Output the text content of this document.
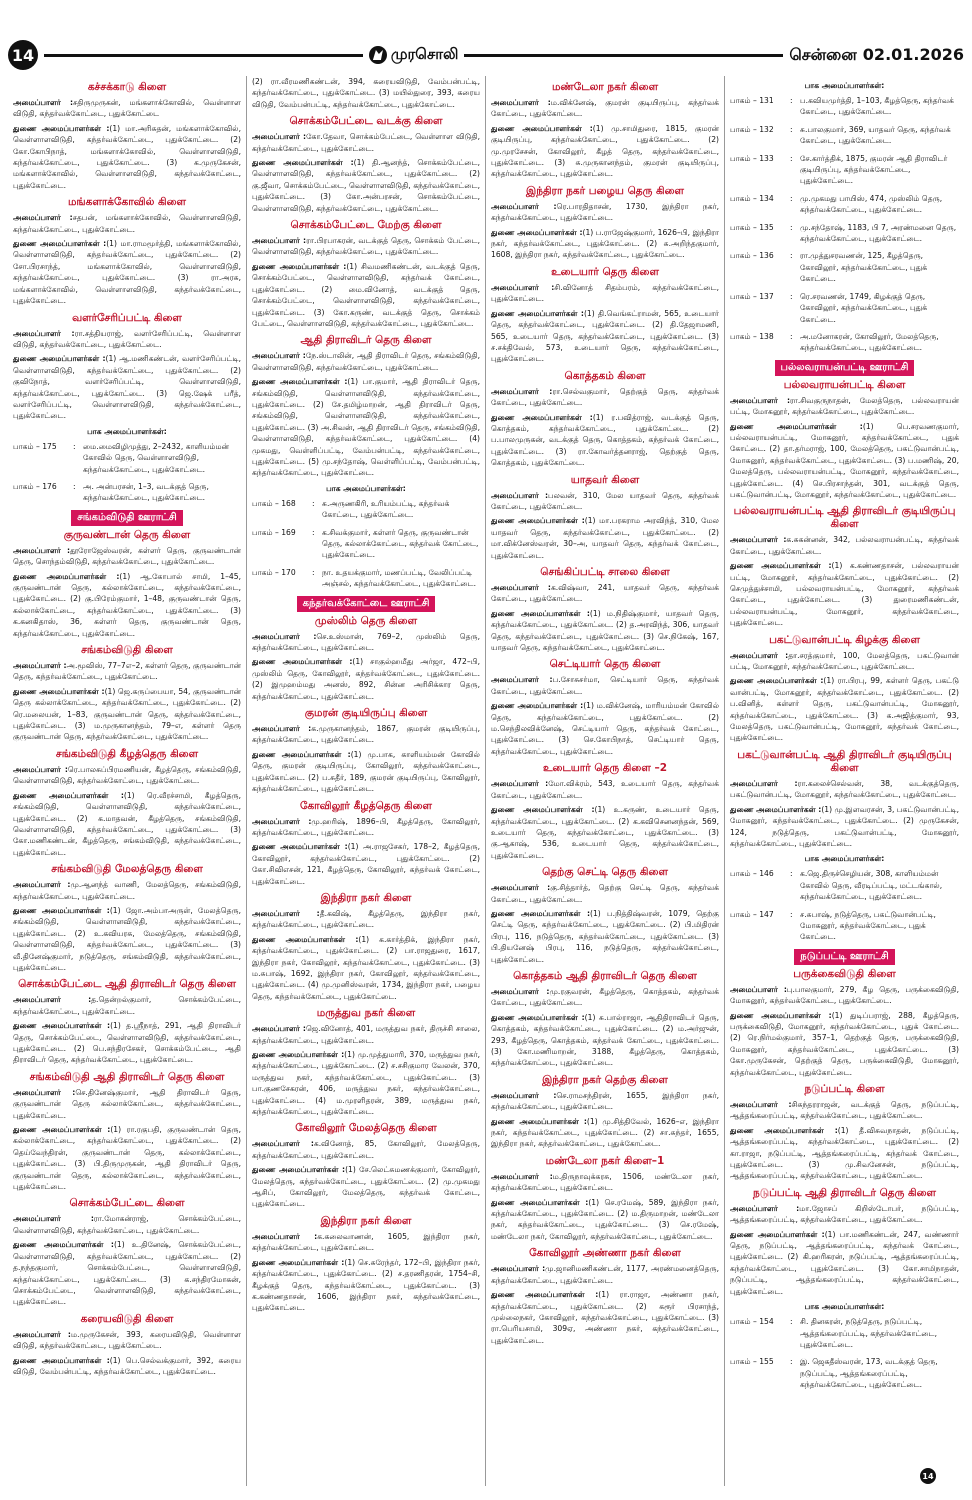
14	முரசொலி	சென்னை 02.01.2026
கச்சக்காடு கிளை

அமைப்பாளர் :சதிருமுருகன், மங்களாக்கோவில், வெள்ளாள விடுதி, கந்தர்வக்கோட்டை, புதுக்கோட்டை

துணை அமைப்பாளர்கள் :(1) மா.அரிசுதன், மங்களாக்கோவில், வெள்ளாளவிடுதி, கந்தர்வக்கோட்டை, புதுக்கோட்டை. (2) கோ.கோபிநாத், மங்களாக்கோவில், வெள்ளாளவிடுதி, கந்தர்வக்கோட்டை, புதுக்கோட்டை. (3) க.முருகேசன், மங்களாக்கோவில், வெள்ளாளவிடுதி, கந்தர்வக்கோட்டை, புதுக்கோட்டை.

மங்களாக்கோவில் கிளை

அமைப்பாளர் :சதபன், மங்களாக்கோவில், வெள்ளாளவிடுதி, கந்தர்வக்கோட்டை, புதுக்கோட்டை.

துணை அமைப்பாளர்கள் :(1) மா.ராமமூர்த்தி, மங்களாக்கோவில், வெள்ளாளவிடுதி, கந்தர்வக்கோட்டை, புதுக்கோட்டை. (2) சோ.பிரசாந்த், மங்களாக்கோவில், வெள்ளாளவிடுதி, கந்தர்வக்கோட்டை, புதுக்கோட்டை. (3) ரா.அரசு, மங்களாக்கோவில், வெள்ளாளவிடுதி, கந்தர்வக்கோட்டை, புதுக்கோட்டை.

வளர்சேரிப்பட்டி கிளை

அமைப்பாளர் :ரா.சத்தியராஜ், வளர்சேரிப்பட்டி, வெள்ளாள விடுதி, கந்தர்வக்கோட்டை, புதுக்கோட்டை.

துணை அமைப்பாளர்கள் :(1) ஆ.மணிகண்டன், வளர்சேரிப்பட்டி, வெள்ளாளவிடுதி, கந்தர்வக்கோட்டை, புதுக்கோட்டை. (2) குவிநோத், வளர்சேரிப்பட்டி, வெள்ளாளவிடுதி, கந்தர்வக்கோட்டை, புதுக்கோட்டை. (3) ஜெ.ஷேக் பரீத், வளர்சேரிப்பட்டி, வெள்ளாளவிடுதி, கந்தர்வக்கோட்டை, புதுக்கோட்டை.

பாக அமைப்பாளர்கள்:
பாகம் – 175	: மை.மைவிழிமுத்து, 2–2432, காளியம்மன் கோவில் தெரு, வெள்ளாளவிடுதி, கந்தர்வக்கோட்டை, புதுக்கோட்டை.
பாகம் – 176	: அ. அன்பரசன், 1–3, வடக்குத் தெரு, கந்தர்வக்கோட்டை, புதுக்கோட்டை.
சங்கம்விடுதி ஊராட்சி
குருவண்டான் தெரு கிளை

அமைப்பாளர் :தூரோஜேஸ்வரன், கள்ளர் தெரு, குருவண்டான் தெரு, சொந்தம்விடுதி, கந்தர்வக்கோட்டை, புதுக்கோட்டை.

துணை அமைப்பாளர்கள் :(1) ஆ.கோபால் சாமி, 1–45, குருவண்டான் தெரு, கல்லாக்கோட்டை, கந்தர்வக்கோட்டை, புதுக்கோட்டை. (2) கு.பிரேம்குமார், 1–48, குருவண்டான் தெரு, கல்லாக்கோட்டை, கந்தர்வக்கோட்டை, புதுக்கோட்டை. (3) க.கனகிதாஸ், 36, கள்ளர் தெரு, குருவண்டான் தெரு, கந்தர்வக்கோட்டை, புதுக்கோட்டை.

சங்கம்விடுதி கிளை

அமைப்பாளர் :அ.மூவிஸ், 77–7எ–2, கள்ளர் தெரு, குருவண்டான் தெரு, கந்தர்வக்கோட்டை, புதுக்கோட்டை.

துணை அமைப்பாளர்கள் :(1) ஜெ.கருப்பையா, 54, குருவண்டான் தெரு கல்லாக்கோட்டை, கந்தர்வக்கோட்டை, புதுக்கோட்டை. (2) ரெ.மலையன், 1–83, குருவண்டான் தெரு, கந்தர்வக்கோட்டை, புதுக்கோட்டை. (3) ம.முருகானந்தம், 79–எ, கள்ளர் தெரு குருவண்டான் தெரு, கந்தர்வக்கோட்டை, புதுக்கோட்டை.

சங்கம்விடுதி கீழத்தெரு கிளை

அமைப்பாளர் :ரெ.பாலசுப்பிரமணியன், கீழத்தெரு, சங்கம்விடுதி, வெள்ளாளவிடுதி, கந்தர்வக்கோட்டை, புதுக்கோட்டை.

துணை அமைப்பாளர்கள் :(1) ரெ.வீரச்சாமி, கீழத்தெரு, சங்கம்விடுதி, வெள்ளாளவிடுதி, கந்தர்வக்கோட்டை, புதுக்கோட்டை. (2) க.மாதவன், கீழத்தெரு, சங்கம்விடுதி, வெள்ளாளவிடுதி, கந்தர்வக்கோட்டை, புதுக்கோட்டை. (3) கோ.மணிகண்டன், கீழத்தெரு, சங்கம்விடுதி, கந்தர்வக்கோட்டை, புதுக்கோட்டை.

சங்கம்விடுதி மேலத்தெரு கிளை

அமைப்பாளர் :மு.ஆனந்த் வாணி, மேலத்தெரு, சங்கம்விடுதி, கந்தர்வக்கோட்டை, புதுக்கோட்டை.

துணை அமைப்பாளர்கள் :(1) ஜோ.அம்பாஅருள், மேலத்தெரு, சங்கம்விடுதி, வெள்ளாளவிடுதி, கந்தர்வக்கோட்டை, புதுக்கோட்டை. (2) உ.கவியரசு, மேலத்தெரு, சங்கம்விடுதி, வெள்ளாளவிடுதி, கந்தர்வக்கோட்டை, புதுக்கோட்டை. (3) வீ.தினேஷ்குமார், நடுத்தெரு, சங்கம்விடுதி, கந்தர்வக்கோட்டை, புதுக்கோட்டை.

சொக்கம்பேட்டை ஆதி திராவிடர் தெரு கிளை

அமைப்பாளர் :த.தென்றல்குமார், சொக்கம்பேட்டை, கந்தர்வக்கோட்டை, புதுக்கோட்டை.

துணை அமைப்பாளர்கள் :(1) த.ஸ்ரீநாத், 291, ஆதி திராவிடர் தெரு, சொக்கம்பேட்டை, வெள்ளாளவிடுதி, கந்தர்வக்கோட்டை, புதுக்கோட்டை. (2) பெ.சந்திரசேகர், சொக்கம்பேட்டை, ஆதி திராவிடர் தெரு, கந்தர்வக்கோட்டை, புதுக்கோட்டை.

சங்கம்விடுதி ஆதி திராவிடர் தெரு கிளை

அமைப்பாளர் :செ.தினேஷ்குமார், ஆதி திராவிடர் தெரு, குருவண்டான் தெரு கல்லாக்கோட்டை, கந்தர்வக்கோட்டை, புதுக்கோட்டை.

துணை அமைப்பாளர்கள் :(1) ரா.ரகுபதி, குருவண்டான் தெரு, கல்லாக்கோட்டை, கந்தர்வக்கோட்டை, புதுக்கோட்டை. (2) தெய்வேந்திரன், குருவண்டான் தெரு, கல்லாக்கோட்டை, புதுக்கோட்டை. (3) பி.திருமுருகன், ஆதி திராவிடர் தெரு, குருவண்டான் தெரு, கல்லாக்கோட்டை, கந்தர்வக்கோட்டை, புதுக்கோட்டை.

சொக்கம்பேட்டை கிளை

அமைப்பாளர் :ரா.மோகன்ராஜ், சொக்கம்பேட்டை, வெள்ளாளவிடுதி, கந்தர்வக்கோட்டை, புதுக்கோட்டை.

துணை அமைப்பாளர்கள் :(1) உ.தினேஷ், சொக்கம்பேட்டை, வெள்ளாளவிடுதி, கந்தர்வக்கோட்டை, புதுக்கோட்டை. (2) த.நந்தகுமார், சொக்கம்பேட்டை, வெள்ளாளவிடுதி, கந்தர்வக்கோட்டை, புதுக்கோட்டை. (3) க.சந்திரமோகன், சொக்கம்பேட்டை, வெள்ளாளவிடுதி, கந்தர்வக்கோட்டை, புதுக்கோட்டை.

கரையவிடுதி கிளை

அமைப்பாளர் :ம.முருகேசன், 393, கரையவிடுதி, வெள்ளாள விடுதி, கந்தர்வக்கோட்டை, புதுக்கோட்டை.

துணை அமைப்பாளர்கள் :(1) பெ.செல்வக்குமார், 392, கரைய விடுதி, வேம்பன்பட்டி, கந்தர்வக்கோட்டை, புதுக்கோட்டை.

(2) ரா.வீரமணிகண்டன், 394, கரையவிடுதி, வேம்பன்பட்டி, கந்தர்வக்கோட்டை, புதுக்கோட்டை. (3) மயில்துரை, 393, கரைய விடுதி, வேம்பன்பட்டி, கந்தர்வக்கோட்டை, புதுக்கோட்டை.

சொக்கம்பேட்டை வடக்கு கிளை

அமைப்பாளர் :கோ.தேவா, சொக்கம்பேட்டை, வெள்ளாள விடுதி, கந்தர்வக்கோட்டை, புதுக்கோட்டை.

துணை அமைப்பாளர்கள் :(1) தி.ஆனந்த், சொக்கம்பேட்டை, வெள்ளாளவிடுதி, கந்தர்வக்கோட்டை, புதுக்கோட்டை. (2) கு.ஜீவா, சொக்கம்பேட்டை, வெள்ளாளவிடுதி, கந்தர்வக்கோட்டை, புதுக்கோட்டை. (3) கோ.அன்பரசன், சொக்கம்பேட்டை, வெள்ளாளவிடுதி, கந்தர்வக்கோட்டை, புதுக்கோட்டை.

சொக்கம்பேட்டை மேற்கு கிளை

அமைப்பாளர் :ரா.பிரபாகரன், வடக்குத் தெரு, சொக்கம் பேட்டை, வெள்ளாளவிடுதி, கந்தர்வக்கோட்டை, புதுக்கோட்டை.

துணை அமைப்பாளர்கள் :(1) சிவமணிகண்டன், வடக்குத் தெரு, சொக்கம்பேட்டை, வெள்ளாளவிடுதி, கந்தர்வக் கோட்டை, புதுக்கோட்டை. (2) மை.வினோத், வடக்குத் தெரு, சொக்கம்பேட்டை, வெள்ளாளவிடுதி, கந்தர்வக்கோட்டை, புதுக்கோட்டை. (3) கோ.கருண், வடக்குத் தெரு, சொக்கம் பேட்டை, வெள்ளாளவிடுதி, கந்தர்வக்கோட்டை, புதுக்கோட்டை.

ஆதி திராவிடர் தெரு கிளை

அமைப்பாளர் :நே.ஸ்டாலின், ஆதி திராவிடர் தெரு, சங்கம்விடுதி, வெள்ளாளவிடுதி, கந்தர்வக்கோட்டை, புதுக்கோட்டை.

துணை அமைப்பாளர்கள் :(1) பா.குமார், ஆதி திராவிடர் தெரு, சங்கம்விடுதி, வெள்ளாளவிடுதி, கந்தர்வக்கோட்டை, புதுக்கோட்டை. (2) சே.தமிழ்மாறன், ஆதி திராவிடர் தெரு, சங்கம்விடுதி, வெள்ளாளவிடுதி, கந்தர்வக்கோட்டை, புதுக்கோட்டை. (3) அ.சிவன், ஆதி திராவிடர் தெரு, சங்கம்விடுதி, வெள்ளாளவிடுதி, கந்தர்வக்கோட்டை, புதுக்கோட்டை. (4) முகமது, வெள்ளிப்பட்டி, வேம்பன்பட்டி, கந்தர்வக்கோட்டை, புதுக்கோட்டை. (5) மு.சந்தோஷ், வெள்ளிப்பட்டி, வேம்பன்பட்டி, கந்தர்வக்கோட்டை, புதுக்கோட்டை.

பாக அமைப்பாளர்கள்:
பாகம் – 168	: சு.அருணகிரி, உரியம்பட்டி, கந்தர்வக் கோட்டை, புதுக்கோட்டை.
பாகம் – 169	: க.சிவக்குமார், கள்ளர் தெரு, குருவண்டான் தெரு, கல்லாக்கோட்டை, கந்தர்வக் கோட்டை, புதுக்கோட்டை.
பாகம் – 170	: நா. உதயக்குமார், மணப்பட்டி, வேலிப்பட்டி அஞ்சல், கந்தர்வக்கோட்டை, புதுக்கோட்டை.
கந்தர்வக்கோட்டை ஊராட்சி
முஸ்லிம் தெரு கிளை

அமைப்பாளர் :செ.உஸ்மான், 769–2, முஸ்லிம் தெரு, கந்தர்வக்கோட்டை, புதுக்கோட்டை.

துணை அமைப்பாளர்கள் :(1) சாகுல்ஹமீது அர்ஜா, 472–பி, முஸ்லிம் தெரு, கோவிலூர், கந்தர்வக்கோட்டை, புதுக்கோட்டை. (2) இமுஹம்மது அனஸ், 892, சின்ன அரிசிக்கார தெரு, கந்தர்வக்கோட்டை, புதுக்கோட்டை.

குமரன் குடியிருப்பு கிளை

அமைப்பாளர் :க.முருகானந்தம், 1867, குமரன் குடியிருப்பு, கந்தர்வக்கோட்டை, புதுக்கோட்டை.

துணை அமைப்பாளர்கள் :(1) மு.பாக, காளியம்மன் கோவில் தெரு, குமரன் குடியிருப்பு, கோவிலூர், கந்தர்வக்கோட்டை, புதுக்கோட்டை. (2) ப.சுதீர், 189, குமரன் குடியிருப்பு, கோவிலூர், கந்தர்வக்கோட்டை, புதுக்கோட்டை.

கோவிலூர் கீழத்தெரு கிளை

அமைப்பாளர் :மு.ஹரிஷ், 1896–பி, கீழத்தெரு, கோவிலூர், கந்தர்வக்கோட்டை, புதுக்கோட்டை.

துணை அமைப்பாளர்கள் :(1) அ.ராஜசேகர், 178–2, கீழத்தெரு, கோவிலூர், கந்தர்வக்கோட்டை, புதுக்கோட்டை. (2) கோ.சிவிஎசன், 121, கீழத்தெரு, கோவிலூர், கந்தர்வக் கோட்டை, புதுக்கோட்டை.

இந்திரா நகர் கிளை

அமைப்பாளர் :தீ.கவிஷ், கீழத்தெரு, இந்திரா நகர், கந்தர்வக்கோட்டை, புதுக்கோட்டை.

துணை அமைப்பாளர்கள் :(1) க.கார்த்திக், இந்திரா நகர், கந்தர்வக்கோட்டை, புதுக்கோட்டை. (2) பா.ராஜதுரை, 1617, இந்திரா நகர், கோவிலூர், கந்தர்வக்கோட்டை, புதுக்கோட்டை. (3) ம.சுபாஷ், 1692, இந்திரா நகர், கோவிலூர், கந்தர்வக்கோட்டை, புதுக்கோட்டை. (4) மு.முனிஸ்வரன், 1734, இந்திரா நகர், பழைய தெரு, கந்தர்வக்கோட்டை, புதுக்கோட்டை.

மருத்துவ நகர் கிளை

அமைப்பாளர் :ஜெ.வினோத், 401, மருத்துவ நகர், திருச்சி சாலை, கந்தர்வக்கோட்டை, புதுக்கோட்டை.

துணை அமைப்பாளர்கள் :(1) மு.முத்துமாரி, 370, மருத்துவ நகர், கந்தர்வக்கோட்டை, புதுக்கோட்டை. (2) ச.சசிகுமார வேலன், 370, மருத்துவ நகர், கந்தர்வக்கோட்டை, புதுக்கோட்டை. (3) பா.குணசேகரன், 406, மருத்துவ நகர், கந்தர்வக்கோட்டை, புதுக்கோட்டை. (4) ம.முரளிதரன், 389, மருத்துவ நகர், கந்தர்வக்கோட்டை, புதுக்கோட்டை.

கோவிலூர் மேலத்தெரு கிளை

அமைப்பாளர் :க.வினோத், 85, கோவிலூர், மேலத்தெரு, கந்தர்வக்கோட்டை, புதுக்கோட்டை.

துணை அமைப்பாளர்கள் :(1) சே.லெட்சுமணக்குமார், கோவிலூர், மேலத்தெரு, கந்தர்வக்கோட்டை, புதுக்கோட்டை. (2) மு.முகமது ஆசிப், கோவிலூர், மேலத்தெரு, கந்தர்வக் கோட்டை, புதுக்கோட்டை.

இந்திரா நகர் கிளை

அமைப்பாளர் :க.கலைவாணன், 1605, இந்திரா நகர், கந்தர்வக்கோட்டை, புதுக்கோட்டை.

துணை அமைப்பாளர்கள் :(1) செ.சுரேந்தர், 172–பி, இந்திரா நகர், கந்தர்வக்கோட்டை, புதுக்கோட்டை. (2) ச.தரணிதரன், 1754–சி, கீழக்குத் தெரு, கந்தர்வக்கோட்டை, புதுக்கோட்டை. (3) க.கண்ணதாசன், 1606, இந்திரா நகர், கந்தர்வக்கோட்டை, புதுக்கோட்டை.

மண்டேலா நகர் கிளை

அமைப்பாளர் :ம.விக்னேஷ், குமரன் குடியிருப்பு, கந்தர்வக் கோட்டை, புதுக்கோட்டை.

துணை அமைப்பாளர்கள் :(1) மு.சாமிதுரை, 1815, குமரன் குடியிருப்பு, கந்தர்வக்கோட்டை, புதுக்கோட்டை. (2) மு.முரசேசன், கோவிலூர், கீழத் தெரு, கந்தர்வக்கோட்டை, புதுக்கோட்டை. (3) சு.முருகானந்தம், குமரன் குடியிருப்பு, கந்தர்வக்கோட்டை, புதுக்கோட்டை.

இந்திரா நகர் பழைய தெரு கிளை

அமைப்பாளர் :ரெ.பாரதிதாசன், 1730, இந்திரா நகர், கந்தர்வக்கோட்டை, புதுக்கோட்டை.

துணை அமைப்பாளர்கள் :(1) ப.ராஜேஷ்குமார், 1626–பி, இந்திரா நகர், கந்தர்வக்கோட்டை, புதுக்கோட்டை. (2) சு.அறிந்தகுமார், 1608, இந்திரா நகர், கந்தர்வக்கோட்டை, புதுக்கோட்டை.

உடையார் தெரு கிளை

அமைப்பாளர் :சி.வினோத் சிதம்பரம், கந்தர்வக்கோட்டை, புதுக்கோட்டை.

துணை அமைப்பாளர்கள் :(1) தி.வெங்கட்ராமன், 565, உடையார் தெரு, கந்தர்வக்கோட்டை, புதுக்கோட்டை. (2) தி.தேஜாமணி, 565, உடையார் தெரு, கந்தர்வக்கோட்டை, புதுக்கோட்டை. (3) ச.சக்திவேல், 573, உடையார் தெரு, கந்தர்வக்கோட்டை, புதுக்கோட்டை.

கொத்தகம் கிளை

அமைப்பாளர் :ரா.செல்வகுமார், தெற்குத் தெரு, கந்தர்வக் கோட்டை, புதுக்கோட்டை.

துணை அமைப்பாளர்கள் :(1) ர.பவித்ராஜ், வடக்குத் தெரு, கொத்தகம், கந்தர்வக்கோட்டை, புதுக்கோட்டை. (2) ப.பாலமுருகன், வடக்குத் தெரு, கொத்தகம், கந்தர்வக் கோட்டை, புதுக்கோட்டை. (3) ரா.கோவர்த்தனராஜ், தெற்குத் தெரு, கொத்தகம், புதுக்கோட்டை.

யாதவர் கிளை

அமைப்பாளர் :பலவன், 310, மேல யாதவர் தெரு, கந்தர்வக் கோட்டை, புதுக்கோட்டை.

துணை அமைப்பாளர்கள் :(1) மா.பரகராம அரவிந்த், 310, மேல யாதவர் தெரு, கந்தர்வக்கோட்டை, புதுக்கோட்டை. (2) மா.விக்னேஸ்வரன், 30–அ, யாதவர் தெரு, கந்தர்வக் கோட்டை, புதுக்கோட்டை.

செங்கிப்பட்டி சாலை கிளை

அமைப்பாளர் :க.விஷ்வா, 241, யாதவர் தெரு, கந்தர்வக் கோட்டை, புதுக்கோட்டை.

துணை அமைப்பாளர்கள் :(1) ம.நிதிஷ்குமார், யாதவர் தெரு, கந்தர்வக்கோட்டை, புதுக்கோட்டை. (2) த.அரவிந்த், 306, யாதவர் தெரு, கந்தர்வக்கோட்டை, புதுக்கோட்டை. (3) செ.நிகேஷ், 167, யாதவர் தெரு, கந்தர்வக்கோட்டை, புதுக்கோட்டை.

செட்டியார் தெரு கிளை

அமைப்பாளர் :ப.சோசுசர்மா, செட்டியார் தெரு, கந்தர்வக் கோட்டை, புதுக்கோட்டை.

துணை அமைப்பாளர்கள் :(1) ம.விக்னேஷ், மாரியம்மன் கோவில் தெரு, கந்தர்வக்கோட்டை, புதுக்கோட்டை. (2) ம.செந்திலவிக்னேஷ், செட்டியார் தெரு, கந்தர்வக் கோட்டை, புதுக்கோட்டை. (3) செ.கோபிநாத், செட்டியார் தெரு, கந்தர்வக்கோட்டை, புதுக்கோட்டை.

உடையார் தெரு கிளை –2

அமைப்பாளர் :மோ.விக்ரம், 543, உடையார் தெரு, கந்தர்வக் கோட்டை, புதுக்கோட்டை.

துணை அமைப்பாளர்கள் :(1) உ.கருண், உடையார் தெரு, கந்தர்வக்கோட்டை, புதுக்கோட்டை. (2) க.கவிசெனனந்தன், 569, உடையார் தெரு, கந்தர்வக்கோட்டை, புதுக்கோட்டை. (3) கு.ஆகாஷ், 536, உடையார் தெரு, கந்தர்வக்கோட்டை, புதுக்கோட்டை.

தெற்கு செட்டி தெரு கிளை

அமைப்பாளர் :கு.சித்தார்த், தெற்கு செட்டி தெரு, கந்தர்வக் கோட்டை, புதுக்கோட்டை.

துணை அமைப்பாளர்கள் :(1) ப.நித்திஷ்வரன், 1079, தெற்கு செட்டி தெரு, கந்தர்வக்கோட்டை, புதுக்கோட்டை. (2) பி.மிதிரன் பிரபு, 116, நடுத்தெரு, கந்தர்வக்கோட்டை, புதுக்கோட்டை. (3) பி.தியனேஷ் பிரபு, 116, நடுத்தெரு, கந்தர்வக்கோட்டை, புதுக்கோட்டை.

கொத்தகம் ஆதி திராவிடர் தெரு கிளை

அமைப்பாளர் :மு.ரகுவரன், கீழத்தெரு, கொத்தகம், கந்தர்வக் கோட்டை, புதுக்கோட்டை.

துணை அமைப்பாளர்கள் :(1) சு.பால்ராஜா, ஆதிதிராவிடர் தெரு, கொத்தகம், கந்தர்வக்கோட்டை, புதுக்கோட்டை. (2) ம.அர்ஜுன், 293, கீழத்தெரு, கொத்தகம், கந்தர்வக் கோட்டை, புதுக்கோட்டை. (3) கோ.மணிமாறன், 3188, கீழத்தெரு, கொத்தகம், கந்தர்வக்கோட்டை, புதுக்கோட்டை.

இந்திரா நகர் தெற்கு கிளை

அமைப்பாளர் :செ.ராமசந்திரன், 1655, இந்திரா நகர், கந்தர்வக்கோட்டை, புதுக்கோட்டை.

துணை அமைப்பாளர்கள் :(1) மு.சித்திவேல், 1626–எ, இந்திரா நகர், கந்தர்வக்கோட்டை, புதுக்கோட்டை. (2) சா.சுந்தர், 1655, இந்திரா நகர், கந்தர்வக்கோட்டை, புதுக்கோட்டை.

மண்டேலா நகர் கிளை–1

அமைப்பாளர் :ம.திருநாவுக்கரசு, 1506, மண்டேலா நகர், கந்தர்வக்கோட்டை, புதுக்கோட்டை.

துணை அமைப்பாளர்கள் :(1) செ.ரமேஷ், 589, இந்திரா நகர், கந்தர்வக்கோட்டை, புதுக்கோட்டை. (2) ம.திருமாறன், மண்டேலா நகர், கந்தர்வக்கோட்டை, புதுக்கோட்டை. (3) செ.ரமேஷ், மண்டேலா நகர், கோவிலூர், கந்தர்வக்கோட்டை, புதுக்கோட்டை.

கோவிலூர் அண்ணா நகர் கிளை

அமைப்பாளர் :மு.ஜானிமணிகண்டன், 1177, அரண்மனைத்தெரு, கந்தர்வக்கோட்டை, புதுக்கோட்டை.

துணை அமைப்பாளர்கள் :(1) ரா.ராஜா, அண்ணா நகர், கந்தர்வக்கோட்டை, புதுக்கோட்டை. (2) கரூர் பிரசாந்த், முல்லைநகர், கோவிலூர், கந்தர்வக்கோட்டை, புதுக்கோட்டை. (3) ரா.பெரியசாமி, 309ஏ, அண்ணா நகர், கந்தர்வக்கோட்டை, புதுக்கோட்டை.

பாக அமைப்பாளர்கள்:
பாகம் – 131	: ப.கவியமுர்த்தி, 1–103, கீழத்தெரு, கந்தர்வக் கோட்டை, புதுக்கோட்டை.
பாகம் – 132	: சு.பாலகுமார், 369, யாதவர் தெரு, கந்தர்வக் கோட்டை, புதுக்கோட்டை.
பாகம் – 133	: சே.கார்த்திக், 1875, குமரன் ஆதி திராவிடர் குடியிருப்பு, கந்தர்வக்கோட்டை, புதுக்கோட்டை.
பாகம் – 134	: மு.முகமது பாயிஸ், 474, முஸ்லிம் தெரு, கந்தர்வக்கோட்டை, புதுக்கோட்டை.
பாகம் – 135	: மு.சந்தோஷ், 1183, பி 7, அரண்மனை தெரு, கந்தர்வக்கோட்டை, புதுக்கோட்டை.
பாகம் – 136	: ரா.முத்துசரவணன், 125, கீழத்தெரு, கோவிலூர், கந்தர்வக்கோட்டை, புதுக் கோட்டை.
பாகம் – 137	: ரெ.சரவணன், 1749, கிழக்குத் தெரு, கோவிலூர், கந்தர்வக்கோட்டை, புதுக் கோட்டை.
பாகம் – 138	: அ.மனோகரன், கோவிலூர், மேலத்தெரு, கந்தர்வக்கோட்டை, புதுக்கோட்டை.
பல்லவராயன்பட்டி ஊராட்சி
பல்லவராயன்பட்டி கிளை

அமைப்பாளர் :ரா.சிவகுருநாதன், மேலத்தெரு, பல்லவராயன் பட்டி, மோகனூர், கந்தர்வக்கோட்டை, புதுக்கோட்டை.

துணை அமைப்பாளர்கள் :(1) பெ.சரவணகுமார், பல்லவராயன்பட்டி, மோகனூர், கந்தர்வக்கோட்டை, புதுக் கோட்டை. (2) தா.தர்மராஜ், 100, மேலத்தெரு, பகட்டுவான்பட்டி, மோகனூர், கந்தர்வக்கோட்டை, புதுக்கோட்டை. (3) ப.மணிஷ், 20, மேலத்தெரு, பல்லவராயன்பட்டி, மோகனூர், கந்தர்வக்கோட்டை, புதுக்கோட்டை. (4) செ.பிரசாந்தன், 301, வடக்குத் தெரு, பகட்டுவான்பட்டி, மோகனூர், கந்தர்வக்கோட்டை, புதுக்கோட்டை.

பல்லவராயன்பட்டி ஆதி திராவிடர் குடியிருப்பு கிளை

அமைப்பாளர் :க.சுகன்னன், 342, பல்லவராயன்பட்டி, கந்தர்வக் கோட்டை, புதுக்கோட்டை.

துணை அமைப்பாளர்கள் :(1) க.கண்ணதாசன், பல்லவராயன் பட்டி, மோகனூர், கந்தர்வக்கோட்டை, புதுக்கோட்டை. (2) செமுத்துச்சாமி, பல்லவராயன்பட்டி, மோகனூர், கந்தர்வக் கோட்டை, புதுக்கோட்டை. (3) துரைமணிகண்டன், பல்லவராயன்பட்டி, மோகனூர், கந்தர்வக்கோட்டை, புதுக்கோட்டை.

பகட்டுவான்பட்டி கிழக்கு கிளை

அமைப்பாளர் :தா.சரத்குமார், 100, மேலத்தெரு, பகட்டுவான் பட்டி, மோகனூர், கந்தர்வக்கோட்டை, புதுக்கோட்டை.

துணை அமைப்பாளர்கள் :(1) ரா.பிரபு, 99, கள்ளர் தெரு, பகட்டு வான்பட்டி, மோகனூர், கந்தர்வக்கோட்டை, புதுக்கோட்டை. (2) ப.வினித், கள்ளர் தெரு, பகட்டுவான்பட்டி, மோகனூர், கந்தர்வக்கோட்டை, புதுக்கோட்டை. (3) க.அஜித்குமார், 93, மேலத்தெரு, பகட்டுவான்பட்டி, மோகனூர், கந்தர்வக் கோட்டை, புதுக்கோட்டை.

பகட்டுவான்பட்டி ஆதி திராவிடர் குடியிருப்பு கிளை

அமைப்பாளர் :ரா.கலைச்செல்வன், 38, வடக்குத்தெரு, பகட்டுவான்பட்டி, மோகனூர், கந்தர்வக்கோட்டை, புதுக்கோட்டை.

துணை அமைப்பாளர்கள் :(1) மு.இளவரசன், 3, பகட்டுவான்பட்டி, மோகனூர், கந்தர்வக்கோட்டை, புதுக்கோட்டை. (2) முருகேசன், 124, நடுத்தெரு, பகட்டுவான்பட்டி, மோகனூர், கந்தர்வக்கோட்டை, புதுக்கோட்டை.

பாக அமைப்பாளர்கள்:
பாகம் – 146	: க.ஜெ.திருச்செழியன், 308, காளியம்மன் கோவில் தெரு, வீரடிப்பட்டி, மட்டங்கால், கந்தர்வக்கோட்டை, புதுக்கோட்டை.
பாகம் – 147	: ச.சுபாஷ், நடுத்தெரு, பகட்டுவான்பட்டி, மோகனூர், கந்தர்வக்கோட்டை, புதுக் கோட்டை.
நடுப்பட்டி ஊராட்சி
பருக்கைவிடுதி கிளை

அமைப்பாளர் :பு.பாலகுமார், 279, கீழ தெரு, பருக்கைவிடுதி, மோகனூர், கந்தர்வக்கோட்டை, புதுக்கோட்டை.

துணை அமைப்பாளர்கள் :(1) துடிப்பராஜ், 288, கீழத்தெரு, பருக்கைவிடுதி, மோகனூர், கந்தர்வக்கோட்டை, புதுக் கோட்டை. (2) ரெ.நிர்மல்குமார், 357–1, தெற்குத் தெரு, பருக்கைவிடுதி, மோகனூர், கந்தர்வக்கோட்டை, புதுக்கோட்டை. (3) கோ.முருகேசன், தெற்குத் தெரு, பருக்கைவிடுதி, மோகனூர், கந்தர்வக்கோட்டை, புதுக்கோட்டை.

நடுப்பட்டி கிளை

அமைப்பாளர் :சிசுந்தரராஜன், வடக்குத் தெரு, நடுப்பட்டி, ஆத்தங்கரைப்பட்டி, கந்தர்வக்கோட்டை, புதுக்கோட்டை.

துணை அமைப்பாளர்கள் :(1) தீ.விசுவநாதன், நடுப்பட்டி, ஆத்தங்கரைப்பட்டி, கந்தர்வக்கோட்டை, புதுக்கோட்டை. (2) கா.ராஜா, நடுப்பட்டி, ஆத்தங்கரைப்பட்டி, கந்தர்வக் கோட்டை, புதுக்கோட்டை. (3) மு.சிவனேசன், நடுப்பட்டி, ஆத்தங்கரைப்பட்டி, கந்தர்வக்கோட்டை, புதுக்கோட்டை.

நடுப்பட்டி ஆதி திராவிடர் தெரு கிளை

அமைப்பாளர் :மா.ஜோசப் கிறிஸ்டோபர், நடுப்பட்டி, ஆத்தங்கரைப்பட்டி, கந்தர்வக்கோட்டை, புதுக்கோட்டை.

துணை அமைப்பாளர்கள் :(1) பா.மணிகண்டன், 247, வண்ணார் தெரு, நடுப்பட்டி, ஆத்தங்கரைப்பட்டி, கந்தர்வக் கோட்டை, புதுக்கோட்டை. (2) கி.ஹரிகரன், நடுப்பட்டி, ஆத்தங்கரைப்பட்டி, கந்தர்வக்கோட்டை, புதுக்கோட்டை. (3) கோ.சாமிநாதன், நடுப்பட்டி, ஆத்தங்கரைப்பட்டி, கந்தர்வக்கோட்டை, புதுக்கோட்டை.

பாக அமைப்பாளர்கள்:
பாகம் – 154	: சி. தினகரன், நடுத்தெரு, நடுப்பட்டி, ஆத்தங்கரைப்பட்டி, கந்தர்வக்கோட்டை, புதுக்கோட்டை.
பாகம் – 155	: இ. ஜெகதீஸ்வரன், 173, வடக்குத் தெரு, நடுப்பட்டி, ஆத்தங்கரைப்பட்டி, கந்தர்வக்கோட்டை, புதுக்கோட்டை.
14
